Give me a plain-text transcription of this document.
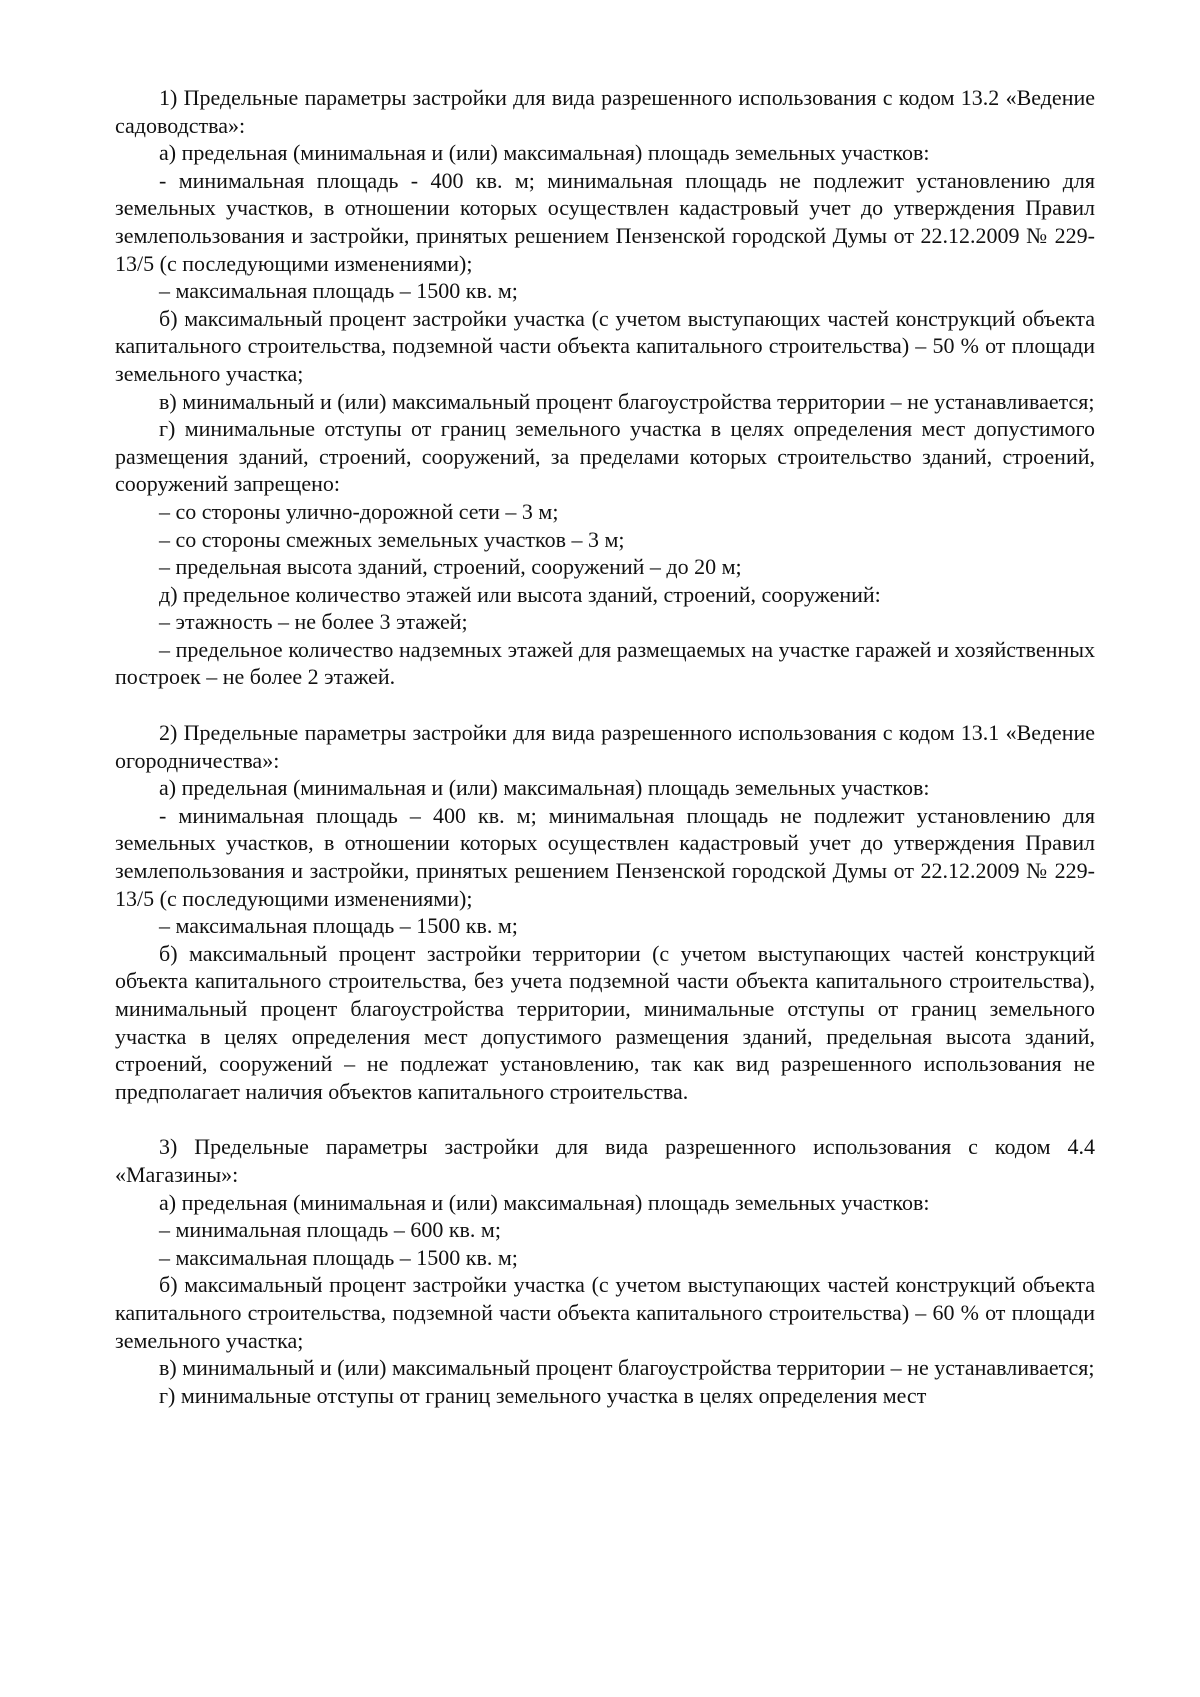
1) Предельные параметры застройки для вида разрешенного использования с кодом 13.2 «Ведение садоводства»:

а) предельная (минимальная и (или) максимальная) площадь земельных участков:

- минимальная площадь - 400 кв. м; минимальная площадь не подлежит установлению для земельных участков, в отношении которых осуществлен кадастровый учет до утверждения Правил землепользования и застройки, принятых решением Пензенской городской Думы от 22.12.2009 № 229-13/5 (с последующими изменениями);

– максимальная площадь – 1500 кв. м;

б) максимальный процент застройки участка (с учетом выступающих частей конструкций объекта капитального строительства, подземной части объекта капитального строительства) – 50 % от площади земельного участка;

в) минимальный и (или) максимальный процент благоустройства территории – не устанавливается;

г) минимальные отступы от границ земельного участка в целях определения мест допустимого размещения зданий, строений, сооружений, за пределами которых строительство зданий, строений, сооружений запрещено:

– со стороны улично-дорожной сети – 3 м;

– со стороны смежных земельных участков – 3 м;

– предельная высота зданий, строений, сооружений – до 20 м;

д) предельное количество этажей или высота зданий, строений, сооружений:

– этажность – не более 3 этажей;

– предельное количество надземных этажей для размещаемых на участке гаражей и хозяйственных построек – не более 2 этажей.

2) Предельные параметры застройки для вида разрешенного использования с кодом 13.1 «Ведение огородничества»:

а) предельная (минимальная и (или) максимальная) площадь земельных участков:

- минимальная площадь – 400 кв. м; минимальная площадь не подлежит установлению для земельных участков, в отношении которых осуществлен кадастровый учет до утверждения Правил землепользования и застройки, принятых решением Пензенской городской Думы от 22.12.2009 № 229-13/5 (с последующими изменениями);

– максимальная площадь – 1500 кв. м;

б) максимальный процент застройки территории (с учетом выступающих частей конструкций объекта капитального строительства, без учета подземной части объекта капитального строительства), минимальный процент благоустройства территории, минимальные отступы от границ земельного участка в целях определения мест допустимого размещения зданий, предельная высота зданий, строений, сооружений – не подлежат установлению, так как вид разрешенного использования не предполагает наличия объектов капитального строительства.

3) Предельные параметры застройки для вида разрешенного использования с кодом 4.4 «Магазины»:

а) предельная (минимальная и (или) максимальная) площадь земельных участков:

– минимальная площадь – 600 кв. м;

– максимальная площадь – 1500 кв. м;

б) максимальный процент застройки участка (с учетом выступающих частей конструкций объекта капитального строительства, подземной части объекта капитального строительства) – 60 % от площади земельного участка;

в) минимальный и (или) максимальный процент благоустройства территории – не устанавливается;

г) минимальные отступы от границ земельного участка в целях определения мест
